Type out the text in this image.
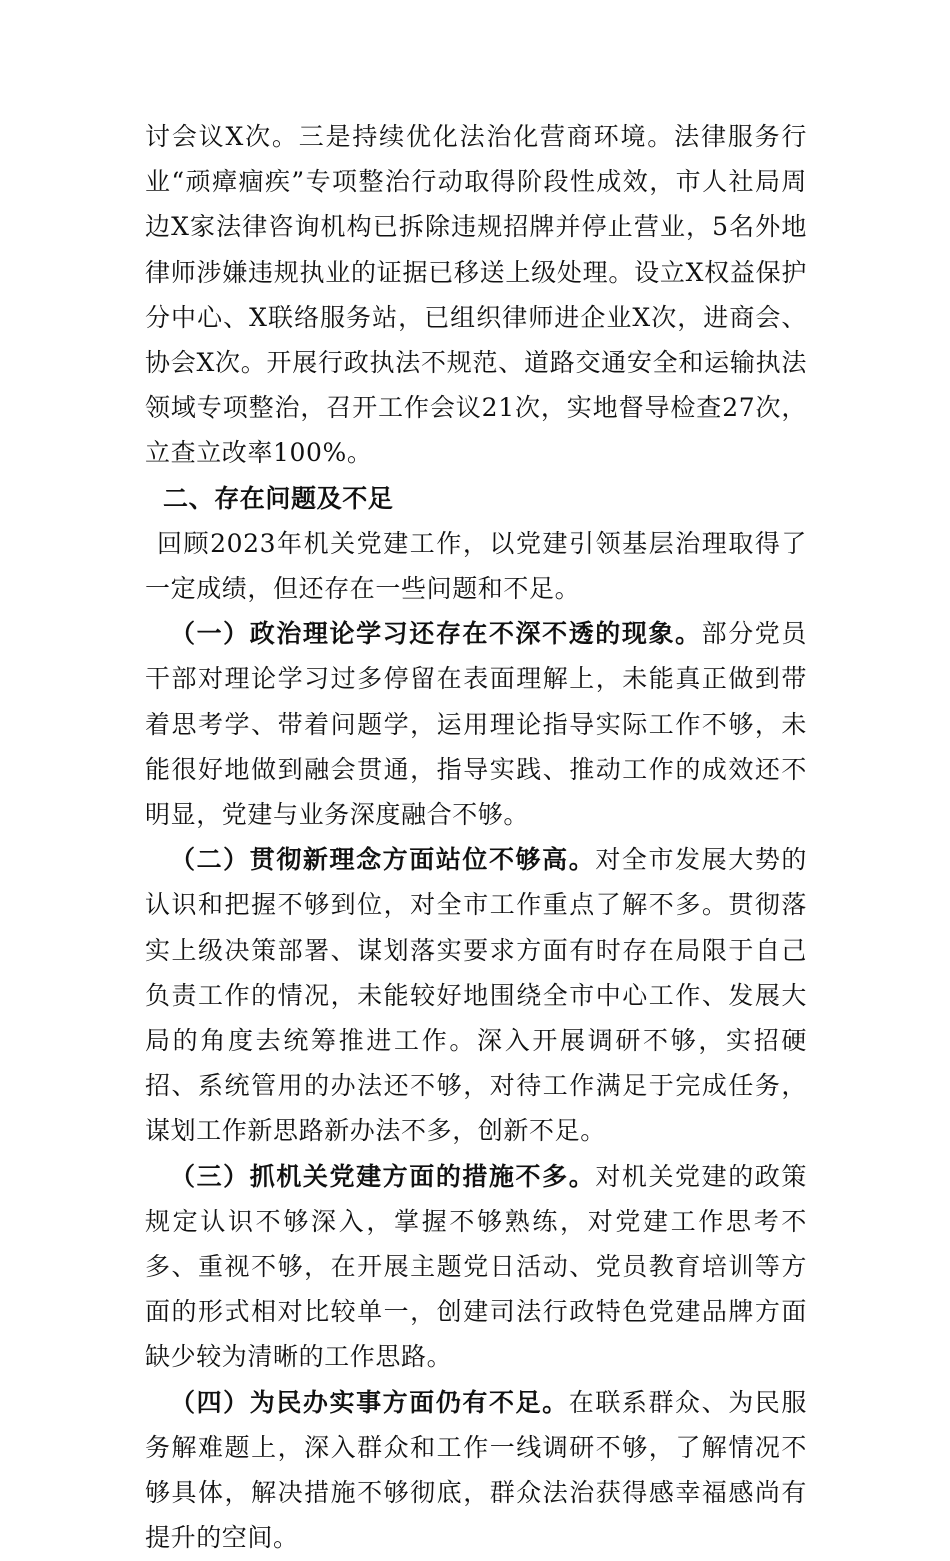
讨会议X次。三是持续优化法治化营商环境。法律服务行业“顽瘴痼疾”专项整治行动取得阶段性成效，市人社局周边X家法律咨询机构已拆除违规招牌并停止营业，5名外地律师涉嫌违规执业的证据已移送上级处理。设立X权益保护分中心、X联络服务站，已组织律师进企业X次，进商会、协会X次。开展行政执法不规范、道路交通安全和运输执法领域专项整治，召开工作会议21次，实地督导检查27次，立查立改率100%。

二、存在问题及不足

回顾2023年机关党建工作，以党建引领基层治理取得了一定成绩，但还存在一些问题和不足。

（一）政治理论学习还存在不深不透的现象。部分党员干部对理论学习过多停留在表面理解上，未能真正做到带着思考学、带着问题学，运用理论指导实际工作不够，未能很好地做到融会贯通，指导实践、推动工作的成效还不明显，党建与业务深度融合不够。

（二）贯彻新理念方面站位不够高。对全市发展大势的认识和把握不够到位，对全市工作重点了解不多。贯彻落实上级决策部署、谋划落实要求方面有时存在局限于自己负责工作的情况，未能较好地围绕全市中心工作、发展大局的角度去统筹推进工作。深入开展调研不够，实招硬招、系统管用的办法还不够，对待工作满足于完成任务，谋划工作新思路新办法不多，创新不足。

（三）抓机关党建方面的措施不多。对机关党建的政策规定认识不够深入，掌握不够熟练，对党建工作思考不多、重视不够，在开展主题党日活动、党员教育培训等方面的形式相对比较单一，创建司法行政特色党建品牌方面缺少较为清晰的工作思路。

（四）为民办实事方面仍有不足。在联系群众、为民服务解难题上，深入群众和工作一线调研不够，了解情况不够具体，解决措施不够彻底，群众法治获得感幸福感尚有提升的空间。
